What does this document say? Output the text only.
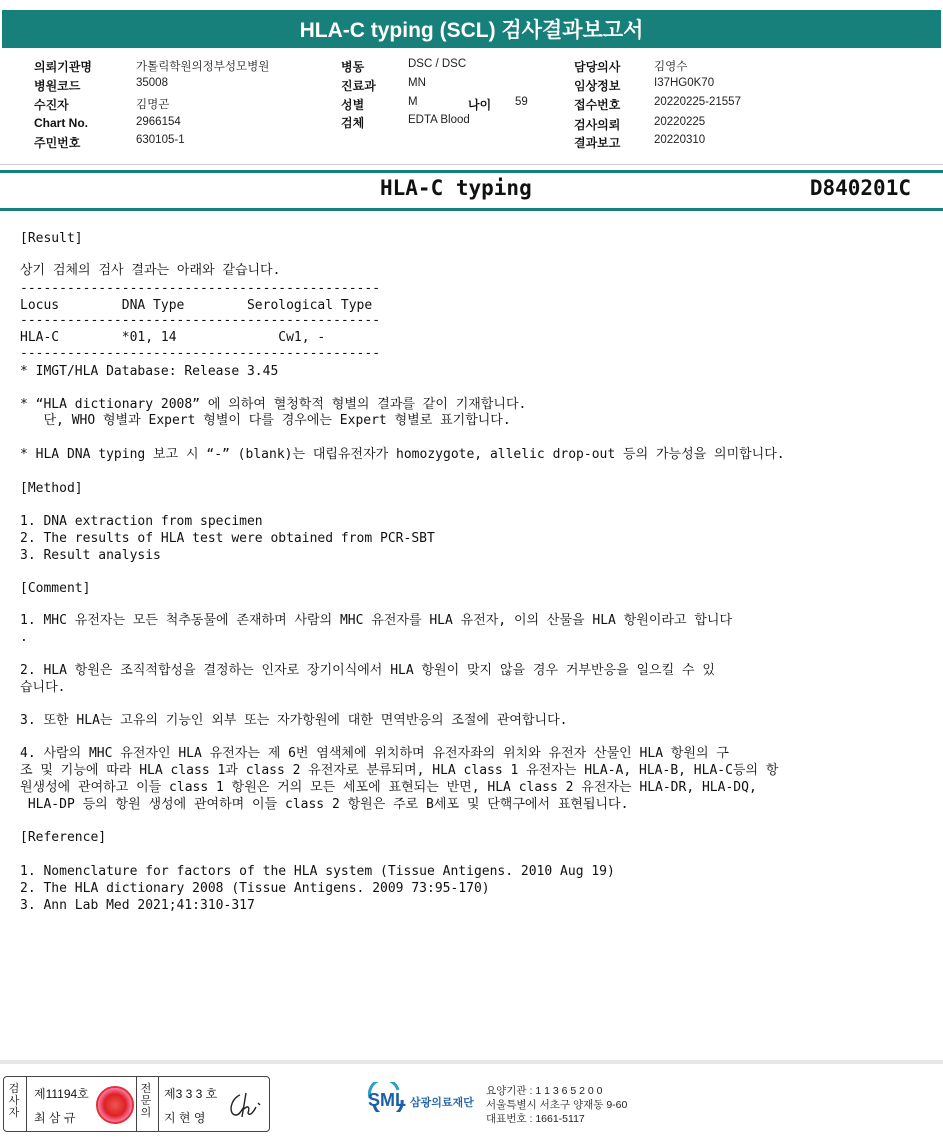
HLA-C typing (SCL) 검사결과보고서
의뢰기관명	가톨릭학원의정부성모병원
병원코드	35008
수진자	김명곤
Chart No.	2966154
주민번호	630105-1
병동	DSC / DSC
진료과	MN
성별	M	나이 59
검체	EDTA Blood
담당의사	김영수
임상정보	I37HG0K70
접수번호	20220225-21557
검사의뢰	20220225
결과보고	20220310
HLA-C typing	D840201C
[Result]
상기 검체의 검사 결과는 아래와 같습니다.
----------------------------------------------
Locus        DNA Type        Serological Type
----------------------------------------------
HLA-C        *01, 14             Cw1, -
----------------------------------------------
* IMGT/HLA Database: Release 3.45
* “HLA dictionary 2008” 에 의하여 혈청학적 형별의 결과를 같이 기재합니다.
단, WHO 형별과 Expert 형별이 다를 경우에는 Expert 형별로 표기합니다.
* HLA DNA typing 보고 시 “-” (blank)는 대립유전자가 homozygote, allelic drop-out 등의 가능성을 의미합니다.
[Method]
1. DNA extraction from specimen
2. The results of HLA test were obtained from PCR-SBT
3. Result analysis
[Comment]
1. MHC 유전자는 모든 척추동물에 존재하며 사람의 MHC 유전자를 HLA 유전자, 이의 산물을 HLA 항원이라고 합니다
.
2. HLA 항원은 조직적합성을 결정하는 인자로 장기이식에서 HLA 항원이 맞지 않을 경우 거부반응을 일으킬 수 있
습니다.
3. 또한 HLA는 고유의 기능인 외부 또는 자가항원에 대한 면역반응의 조절에 관여합니다.
4. 사람의 MHC 유전자인 HLA 유전자는 제 6번 염색체에 위치하며 유전자좌의 위치와 유전자 산물인 HLA 항원의 구
조 및 기능에 따라 HLA class 1과 class 2 유전자로 분류되며, HLA class 1 유전자는 HLA-A, HLA-B, HLA-C등의 항
원생성에 관여하고 이들 class 1 항원은 거의 모든 세포에 표현되는 반면, HLA class 2 유전자는 HLA-DR, HLA-DQ,
HLA-DP 등의 항원 생성에 관여하며 이들 class 2 항원은 주로 B세포 및 단핵구에서 표현됩니다.
[Reference]
1. Nomenclature for factors of the HLA system (Tissue Antigens. 2010 Aug 19)
2. The HLA dictionary 2008 (Tissue Antigens. 2009 73:95-170)
3. Ann Lab Med 2021;41:310-317
검사자
제11194호
최 삼 규
전문의
제3 3 3 호
지 현 영
SML 삼광의료재단
요양기관 : 1 1 3 6 5 2 0 0
서울특별시 서초구 양재동 9-60
대표번호 : 1661-5117
